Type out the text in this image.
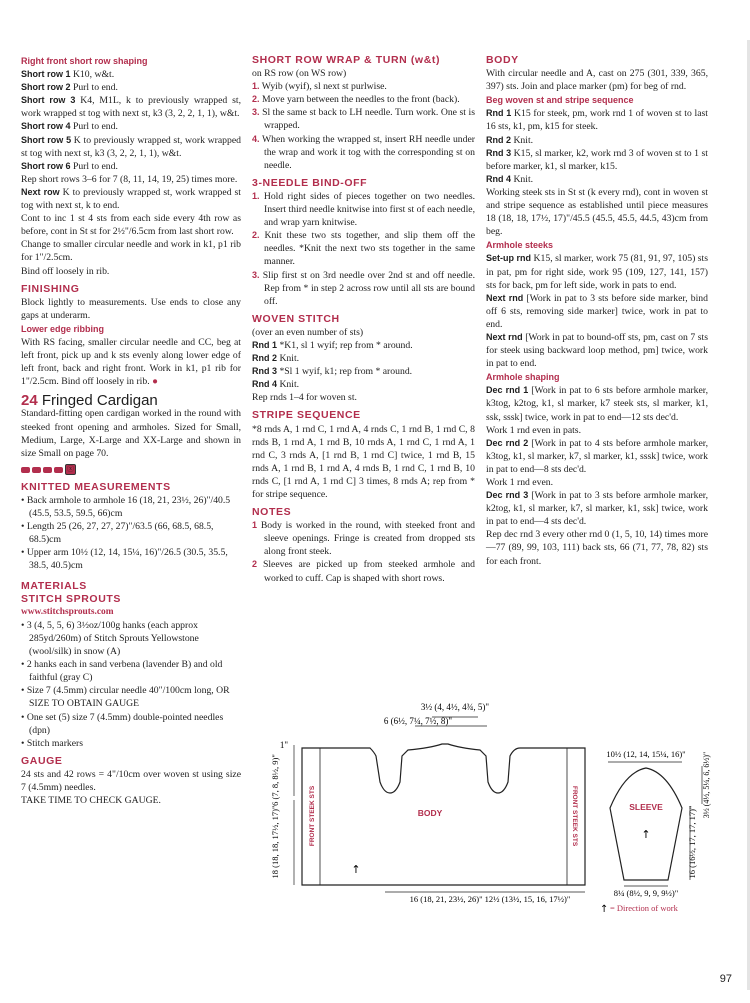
Right front short row shaping
Short row 1 K10, w&t.
Short row 2 Purl to end.
Short row 3 K4, M1L, k to previously wrapped st, work wrapped st tog with next st, k3 (3, 2, 2, 1, 1), w&t.
Short row 4 Purl to end.
Short row 5 K to previously wrapped st, work wrapped st tog with next st, k3 (3, 2, 2, 1, 1), w&t.
Short row 6 Purl to end.
Rep short rows 3–6 for 7 (8, 11, 14, 19, 25) times more.
Next row K to previously wrapped st, work wrapped st tog with next st, k to end.
Cont to inc 1 st 4 sts from each side every 4th row as before, cont in St st for 2½"/6.5cm from last short row.
Change to smaller circular needle and work in k1, p1 rib for 1"/2.5cm.
Bind off loosely in rib.
FINISHING
Block lightly to measurements. Use ends to close any gaps at underarm.
Lower edge ribbing
With RS facing, smaller circular needle and CC, beg at left front, pick up and k sts evenly along lower edge of left front, back and right front. Work in k1, p1 rib for 1"/2.5cm. Bind off loosely in rib. ●
24 Fringed Cardigan
Standard-fitting open cardigan worked in the round with steeked front opening and armholes. Sized for Small, Medium, Large, X-Large and XX-Large and shown in size Small on page 70.
ⓧ
KNITTED MEASUREMENTS
• Back armhole to armhole 16 (18, 21, 23½, 26)"/40.5 (45.5, 53.5, 59.5, 66)cm
• Length 25 (26, 27, 27, 27)"/63.5 (66, 68.5, 68.5, 68.5)cm
• Upper arm 10½ (12, 14, 15¼, 16)"/26.5 (30.5, 35.5, 38.5, 40.5)cm
MATERIALS
STITCH SPROUTS
www.stitchsprouts.com
• 3 (4, 5, 5, 6) 3½oz/100g hanks (each approx 285yd/260m) of Stitch Sprouts Yellowstone (wool/silk) in snow (A)
• 2 hanks each in sand verbena (lavender B) and old faithful (gray C)
• Size 7 (4.5mm) circular needle 40"/100cm long, OR SIZE TO OBTAIN GAUGE
• One set (5) size 7 (4.5mm) double-pointed needles (dpn)
• Stitch markers
GAUGE
24 sts and 42 rows = 4"/10cm over woven st using size 7 (4.5mm) needles.
TAKE TIME TO CHECK GAUGE.
SHORT ROW WRAP & TURN (w&t)
on RS row (on WS row)
1. Wyib (wyif), sl next st purlwise.
2. Move yarn between the needles to the front (back).
3. Sl the same st back to LH needle. Turn work. One st is wrapped.
4. When working the wrapped st, insert RH needle under the wrap and work it tog with the corresponding st on needle.
3-NEEDLE BIND-OFF
1. Hold right sides of pieces together on two needles. Insert third needle knitwise into first st of each needle, and wrap yarn knitwise.
2. Knit these two sts together, and slip them off the needles. *Knit the next two sts together in the same manner.
3. Slip first st on 3rd needle over 2nd st and off needle. Rep from * in step 2 across row until all sts are bound off.
WOVEN STITCH
(over an even number of sts)
Rnd 1 *K1, sl 1 wyif; rep from * around.
Rnd 2 Knit.
Rnd 3 *Sl 1 wyif, k1; rep from * around.
Rnd 4 Knit.
Rep rnds 1–4 for woven st.
STRIPE SEQUENCE
*8 rnds A, 1 rnd C, 1 rnd A, 4 rnds C, 1 rnd B, 1 rnd C, 8 rnds B, 1 rnd A, 1 rnd B, 10 rnds A, 1 rnd C, 1 rnd A, 1 rnd C, 3 rnds A, [1 rnd B, 1 rnd C] twice, 1 rnd B, 15 rnds A, 1 rnd B, 1 rnd A, 4 rnds B, 1 rnd C, 1 rnd B, 10 rnds C, [1 rnd A, 1 rnd C] 3 times, 8 rnds A; rep from * for stripe sequence.
NOTES
1 Body is worked in the round, with steeked front and sleeve openings. Fringe is created from dropped sts along front steek.
2 Sleeves are picked up from steeked armhole and worked to cuff. Cap is shaped with short rows.
BODY
With circular needle and A, cast on 275 (301, 339, 365, 397) sts. Join and place marker (pm) for beg of rnd.
Beg woven st and stripe sequence
Rnd 1 K15 for steek, pm, work rnd 1 of woven st to last 16 sts, k1, pm, k15 for steek.
Rnd 2 Knit.
Rnd 3 K15, sl marker, k2, work rnd 3 of woven st to 1 st before marker, k1, sl marker, k15.
Rnd 4 Knit.
Working steek sts in St st (k every rnd), cont in woven st and stripe sequence as established until piece measures 18 (18, 18, 17½, 17)"/45.5 (45.5, 45.5, 44.5, 43)cm from beg.
Armhole steeks
Set-up rnd K15, sl marker, work 75 (81, 91, 97, 105) sts in pat, pm for right side, work 95 (109, 127, 141, 157) sts for back, pm for left side, work in pats to end.
Next rnd [Work in pat to 3 sts before side marker, bind off 6 sts, removing side marker] twice, work in pat to end.
Next rnd [Work in pat to bound-off sts, pm, cast on 7 sts for steek using backward loop method, pm] twice, work in pat to end.
Armhole shaping
Dec rnd 1 [Work in pat to 6 sts before armhole marker, k3tog, k2tog, k1, sl marker, k7 steek sts, sl marker, k1, ssk, sssk] twice, work in pat to end—12 sts dec'd.
Work 1 rnd even in pats.
Dec rnd 2 [Work in pat to 4 sts before armhole marker, k3tog, k1, sl marker, k7, sl marker, k1, sssk] twice, work in pat to end—8 sts dec'd.
Work 1 rnd even.
Dec rnd 3 [Work in pat to 3 sts before armhole marker, k2tog, k1, sl marker, k7, sl marker, k1, ssk] twice, work in pat to end—4 sts dec'd.
Rep dec rnd 3 every other rnd 0 (1, 5, 10, 14) times more—77 (89, 99, 103, 111) back sts, 66 (71, 77, 78, 82) sts for each front.
3½ (4, 4½, 4¾, 5)"
6 (6½, 7¼, 7½, 8)"
FRONT STEEK STS	FRONT STEEK STS
BODY
↑
1"
6 (7, 8, 8½, 9)"
18 (18, 18, 17½, 17)"
16 (18, 21, 23½, 26)" 12½ (13½, 15, 16, 17½)"
10½ (12, 14, 15¼, 16)"
SLEEVE
↑	16 (16½, 17, 17, 17)"
3½ (4½, 5¼, 6, 6½)"
8¼ (8½, 9, 9, 9½)"
↑ = Direction of work
97
